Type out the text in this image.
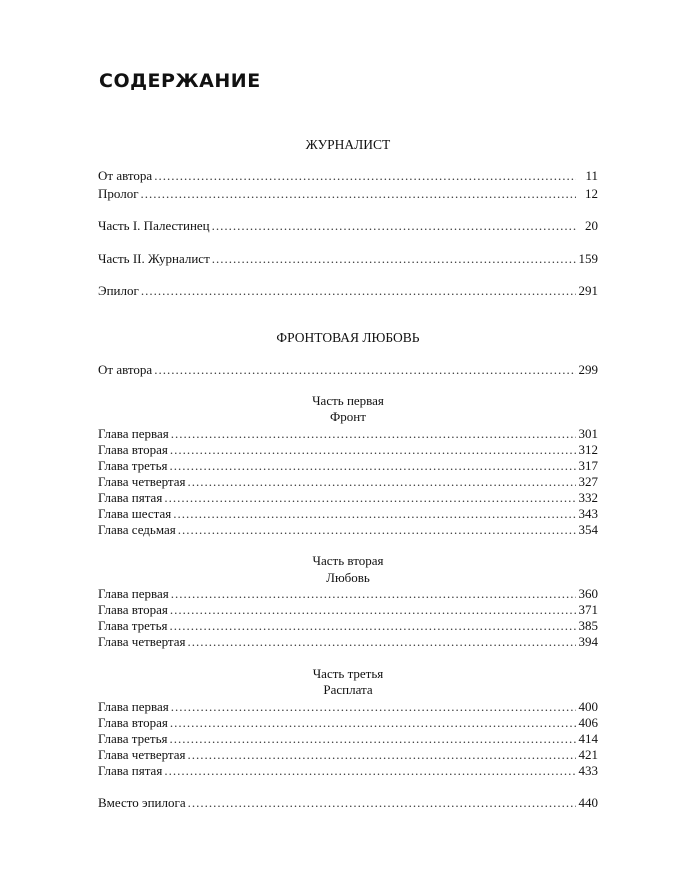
СОДЕРЖАНИЕ
ЖУРНАЛИСТ
От автора .....	11
Пролог .....	12
Часть I. Палестинец .....	20
Часть II. Журналист .....	159
Эпилог .....	291
ФРОНТОВАЯ ЛЮБОВЬ
От автора .....	299
Часть первая
Фронт
Глава первая .....	301
Глава вторая .....	312
Глава третья .....	317
Глава четвертая .....	327
Глава пятая .....	332
Глава шестая .....	343
Глава седьмая .....	354
Часть вторая
Любовь
Глава первая .....	360
Глава вторая .....	371
Глава третья .....	385
Глава четвертая .....	394
Часть третья
Расплата
Глава первая .....	400
Глава вторая .....	406
Глава третья .....	414
Глава четвертая .....	421
Глава пятая .....	433
Вместо эпилога .....	440
